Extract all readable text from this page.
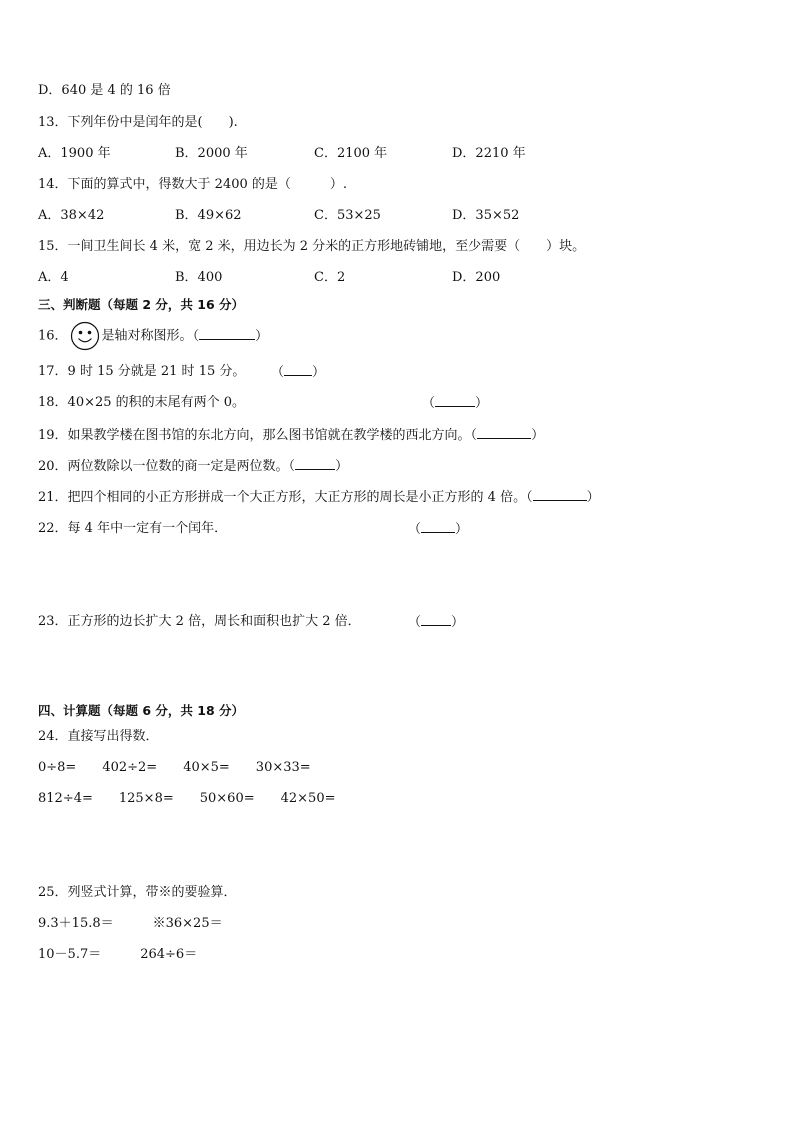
D．640 是 4 的 16 倍
13．下列年份中是闰年的是(　　).
A．1900 年	B．2000 年	C．2100 年	D．2210 年
14．下面的算式中，得数大于 2400 的是（　　　）.
A．38×42	B．49×62	C．53×25	D．35×52
15．一间卫生间长 4 米，宽 2 米，用边长为 2 分米的正方形地砖铺地，至少需要（　　）块。
A．4	B．400	C．2	D．200
三、判断题（每题 2 分，共 16 分）
16．	是轴对称图形。（	）
17．9 时 15 分就是 21 时 15 分。 （ ）
18．40×25 的积的末尾有两个 0。	（	）
19．如果教学楼在图书馆的东北方向，那么图书馆就在教学楼的西北方向。（	）
20．两位数除以一位数的商一定是两位数。（	）
21．把四个相同的小正方形拼成一个大正方形，大正方形的周长是小正方形的 4 倍。（	）
22．每 4 年中一定有一个闰年．	（	）
23．正方形的边长扩大 2 倍，周长和面积也扩大 2 倍．	（ ）
四、计算题（每题 6 分，共 18 分）
24．直接写出得数．
0÷8=　　402÷2=　　40×5=　　30×33=
812÷4=　　125×8=　　50×60=　　42×50=
25．列竖式计算，带※的要验算．
9.3＋15.8＝　　　※36×25＝
10－5.7＝　　　264÷6＝
